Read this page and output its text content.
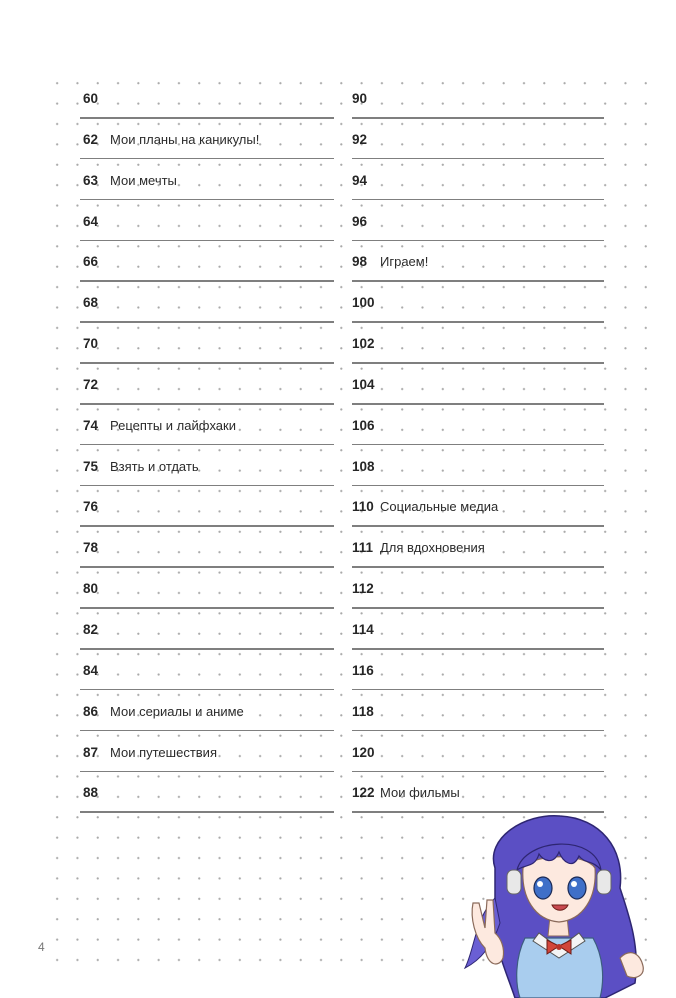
60
62 Мои планы на каникулы!
63 Мои мечты
64
66
68
70
72
74 Рецепты и лайфхаки
75 Взять и отдать
76
78
80
82
84
86 Мои сериалы и аниме
87 Мои путешествия
88
90
92
94
96
98 Играем!
100
102
104
106
108
110 Социальные медиа
111 Для вдохновения
112
114
116
118
120
122 Мои фильмы
4
